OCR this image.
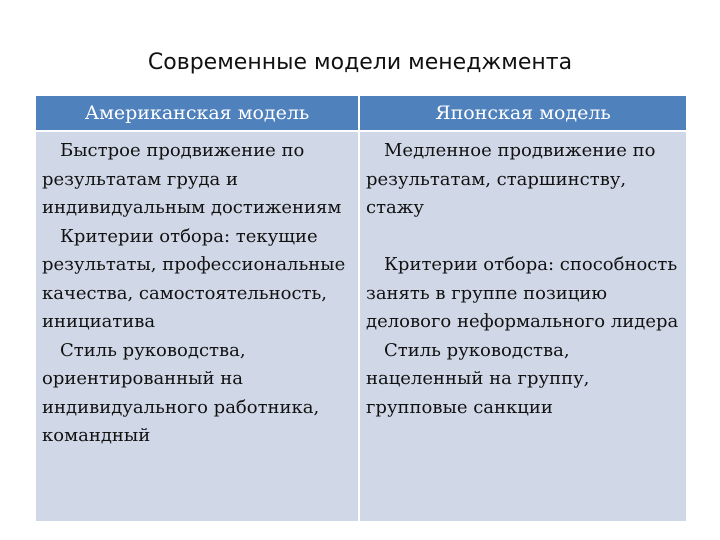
Современные модели менеджмента
Американская модель	Японская модель

Быстрое продвижение по результатам груда и индивидуальным достижениям

Критерии отбора: текущие результаты, профессиональные качества, самостоятельность, инициатива

Стиль руководства, ориентированный на индивидуального работника, командный

Медленное продвижение по результатам, старшинству, стажу

Критерии отбора: способность занять в группе позицию делового неформального лидера

Стиль руководства, нацеленный на группу, групповые санкции
